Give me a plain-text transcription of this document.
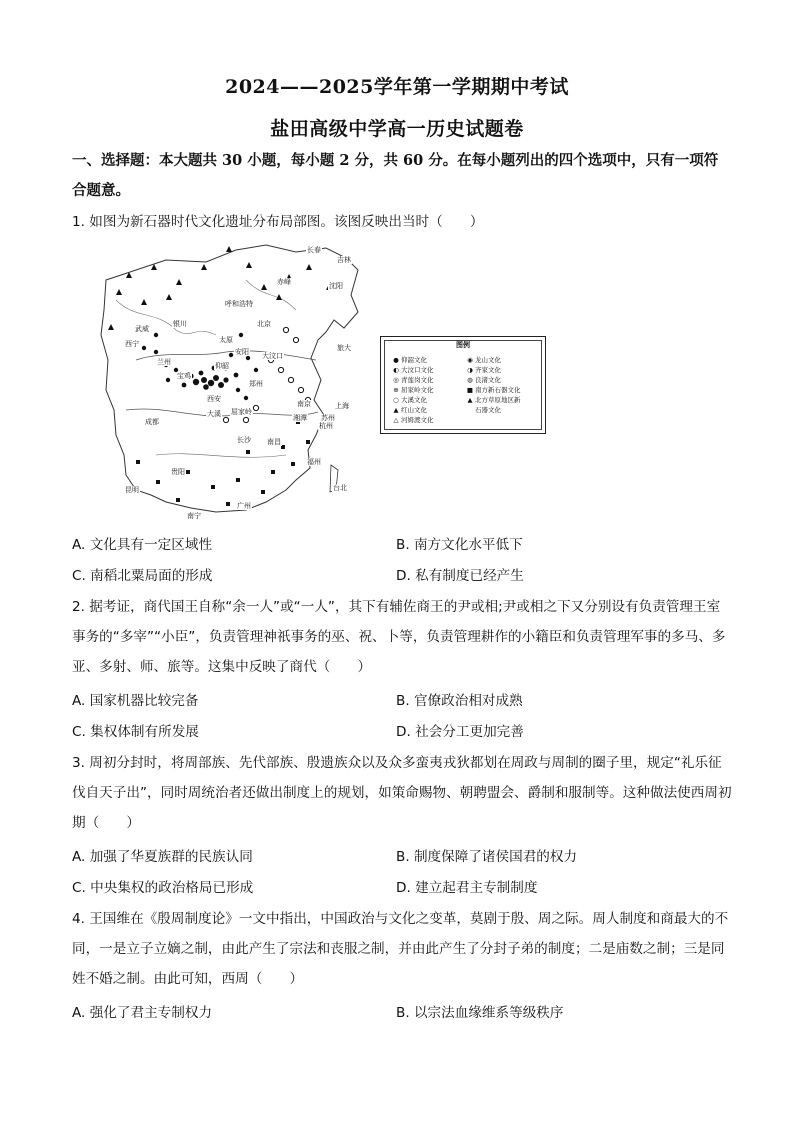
2024——2025学年第一学期期中考试
盐田高级中学高一历史试题卷
一、选择题：本大题共 30 小题，每小题 2 分，共 60 分。在每小题列出的四个选项中，只有一项符合题意。
1. 如图为新石器时代文化遗址分布局部图。该图反映出当时（　　）
长春
吉林
赤峰	沈阳
呼和浩特
北京
武威
银川
旅大
西宁	太原
安阳 大汶口
兰州
郑州
西安
宝鸡
南京	上海
成都
大溪
杭州
南昌
贵阳
福州
昆明
广州
台北
南宁
屈家岭
苏州
湘潭
仰韶
长沙
图例
● 仰韶文化
◐ 大汶口文化
◎ 青莲岗文化
⊕ 屈家岭文化
○ 大溪文化
▲ 红山文化
△ 河姆渡文化
◉ 龙山文化
◑ 齐家文化
◍ 良渚文化
■ 南方新石器文化
▲ 北方草原地区新
石器文化
A. 文化具有一定区域性	B. 南方文化水平低下
C. 南稻北粟局面的形成	D. 私有制度已经产生
2. 据考证，商代国王自称“余一人”或“一人”，其下有辅佐商王的尹或相;尹或相之下又分别设有负责管理王室事务的“多宰”“小臣”，负责管理神祇事务的巫、祝、卜等，负责管理耕作的小籍臣和负责管理军事的多马、多亚、多射、师、旅等。这集中反映了商代（　　）
A. 国家机器比较完备	B. 官僚政治相对成熟
C. 集权体制有所发展	D. 社会分工更加完善
3. 周初分封时，将周部族、先代部族、殷遗族众以及众多蛮夷戎狄都划在周政与周制的圈子里，规定“礼乐征伐自天子出”，同时周统治者还做出制度上的规划，如策命赐物、朝聘盟会、爵制和服制等。这种做法使西周初期（　　）
A. 加强了华夏族群的民族认同	B. 制度保障了诸侯国君的权力
C. 中央集权的政治格局已形成	D. 建立起君主专制制度
4. 王国维在《殷周制度论》一文中指出，中国政治与文化之变革，莫剧于殷、周之际。周人制度和商最大的不同，一是立子立嫡之制，由此产生了宗法和丧服之制，并由此产生了分封子弟的制度；二是庙数之制；三是同姓不婚之制。由此可知，西周（　　）
A. 强化了君主专制权力	B. 以宗法血缘维系等级秩序
